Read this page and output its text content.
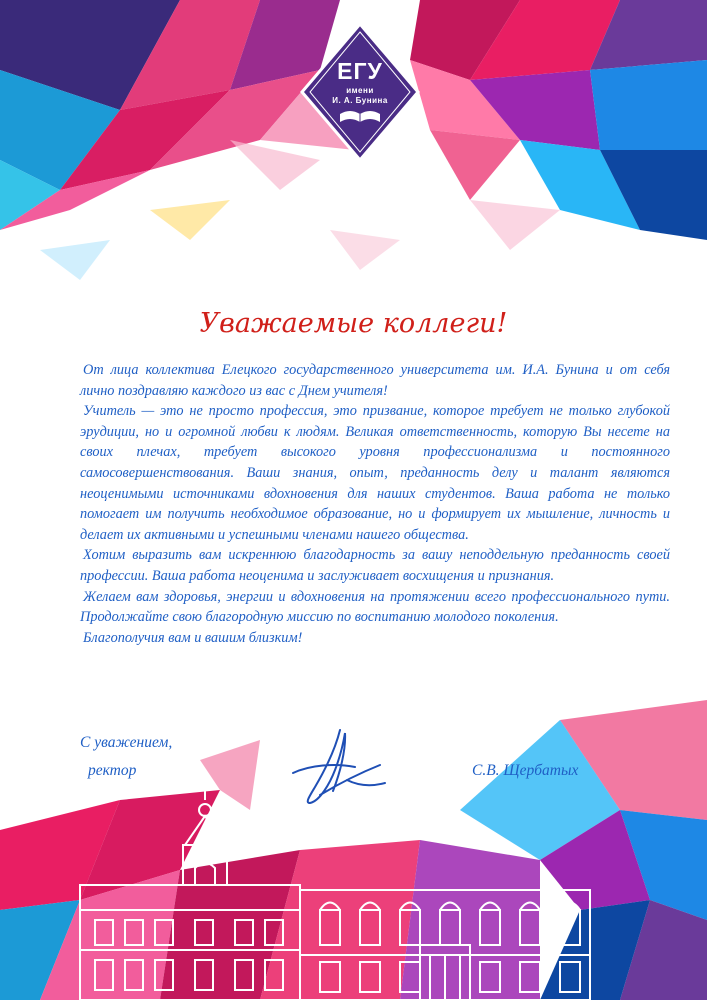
ЕГУ
имени
И. А. Бунина
Уважаемые коллеги!

От лица коллектива Елецкого государственного университета им. И.А. Бунина и от себя лично поздравляю каждого из вас с Днем учителя!

Учитель — это не просто профессия, это призвание, которое требует не только глубокой эрудиции, но и огромной любви к людям. Великая ответственность, которую Вы несете на своих плечах, требует высокого уровня профессионализма и постоянного самосовершенствования. Ваши знания, опыт, преданность делу и талант являются неоценимыми источниками вдохновения для наших студентов. Ваша работа не только помогает им получить необходимое образование, но и формирует их мышление, личность и делает их активными и успешными членами нашего общества.

Хотим выразить вам искреннюю благодарность за вашу неподдельную преданность своей профессии. Ваша работа неоценима и заслуживает восхищения и признания.

Желаем вам здоровья, энергии и вдохновения на протяжении всего профессионального пути. Продолжайте свою благородную миссию по воспитанию молодого поколения.

Благополучия вам и вашим близким!

С уважением,
ректор	С.В. Щербатых
